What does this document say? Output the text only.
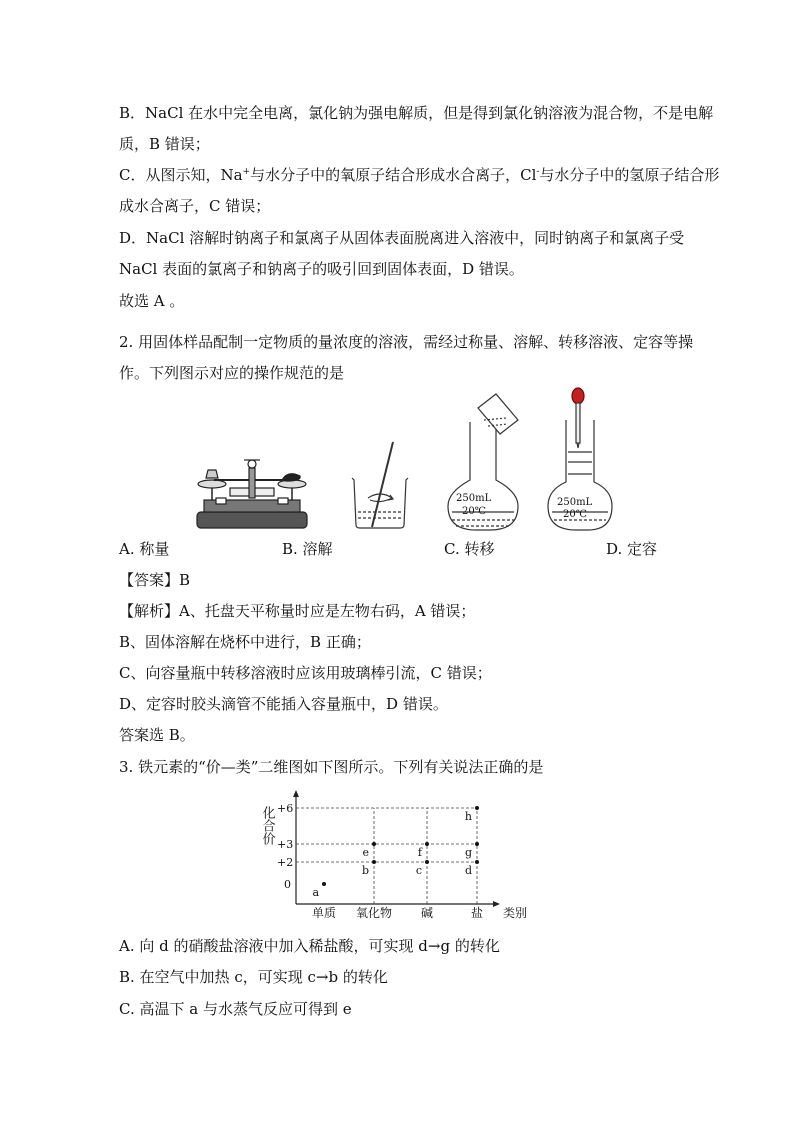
B．NaCl 在水中完全电离，氯化钠为强电解质，但是得到氯化钠溶液为混合物，不是电解
质，B 错误；
C．从图示知，Na+与水分子中的氧原子结合形成水合离子，Cl-与水分子中的氢原子结合形
成水合离子，C 错误；
D．NaCl 溶解时钠离子和氯离子从固体表面脱离进入溶液中，同时钠离子和氯离子受
NaCl 表面的氯离子和钠离子的吸引回到固体表面，D 错误。
故选 A 。
2. 用固体样品配制一定物质的量浓度的溶液，需经过称量、溶解、转移溶液、定容等操
作。下列图示对应的操作规范的是
250mL
20℃
250mL
20℃
A. 称量	B. 溶解	C. 转移	D. 定容
【答案】B
【解析】A、托盘天平称量时应是左物右码，A 错误；
B、固体溶解在烧杯中进行，B 正确；
C、向容量瓶中转移溶液时应该用玻璃棒引流，C 错误；
D、定容时胶头滴管不能插入容量瓶中，D 错误。
答案选 B。
3. 铁元素的“价—类”二维图如下图所示。下列有关说法正确的是
+6
+3
+2
0
单质 氧化物 碱	盐
a
b
e
c
f
d
g
h
化合价
类别
A. 向 d 的硝酸盐溶液中加入稀盐酸，可实现 d→g 的转化
B. 在空气中加热 c，可实现 c→b 的转化
C. 高温下 a 与水蒸气反应可得到 e
